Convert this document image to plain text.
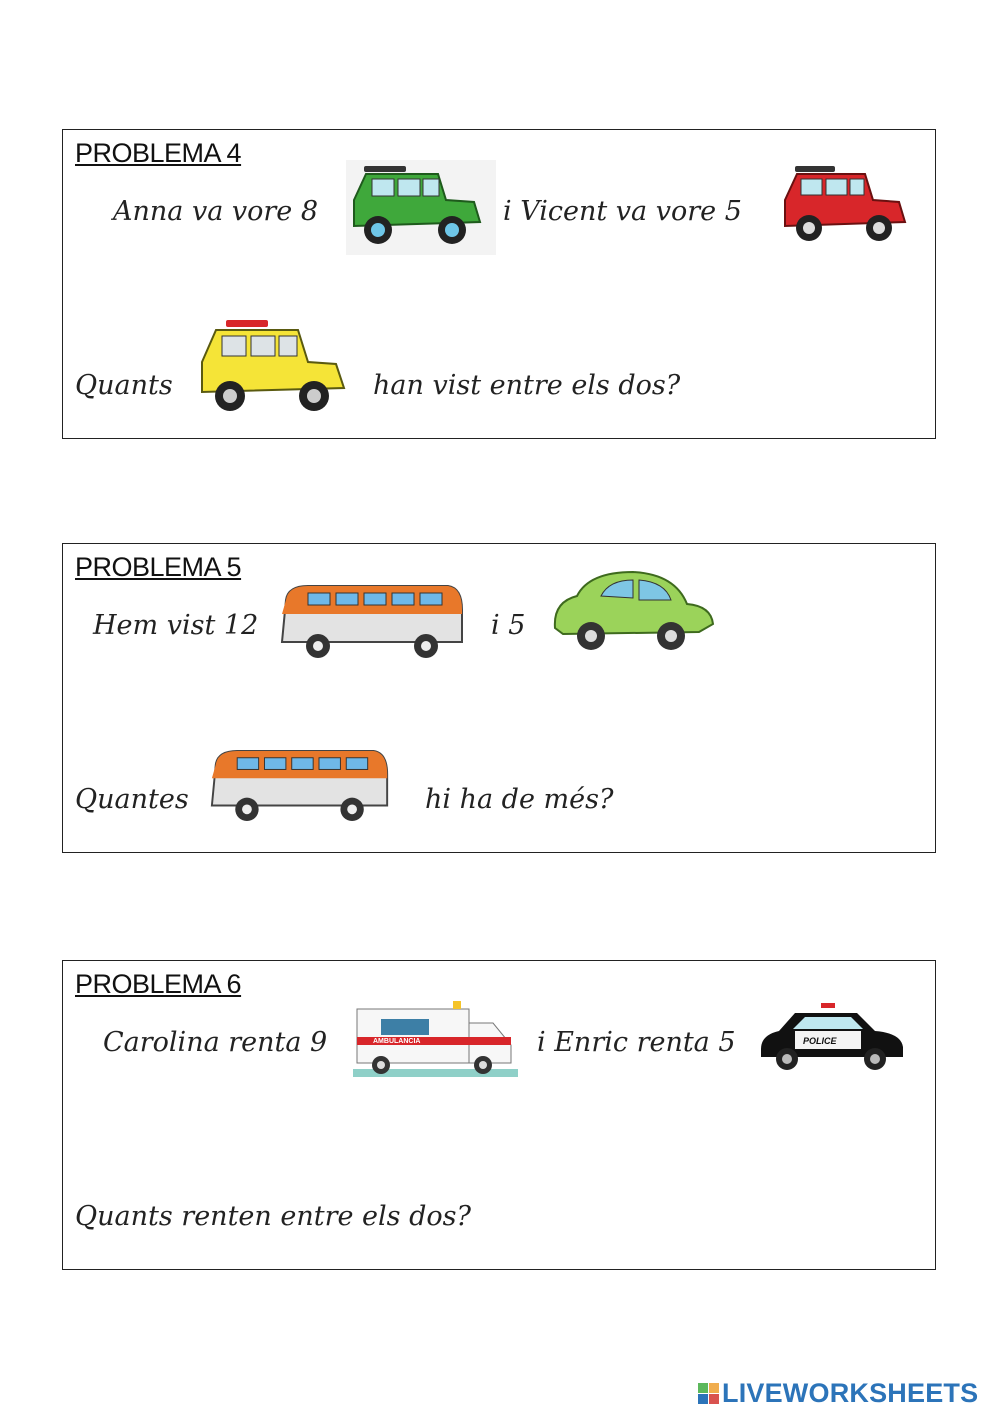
PROBLEMA 4
Anna va vore 8	i Vicent va vore 5
Quants	han vist entre els dos?
PROBLEMA 5
Hem vist 12	i 5
Quantes	hi ha de més?
PROBLEMA 6
Carolina renta 9	AMBULANCIA	i Enric renta 5	POLICE
Quants renten entre els dos?
LIVEWORKSHEETS
